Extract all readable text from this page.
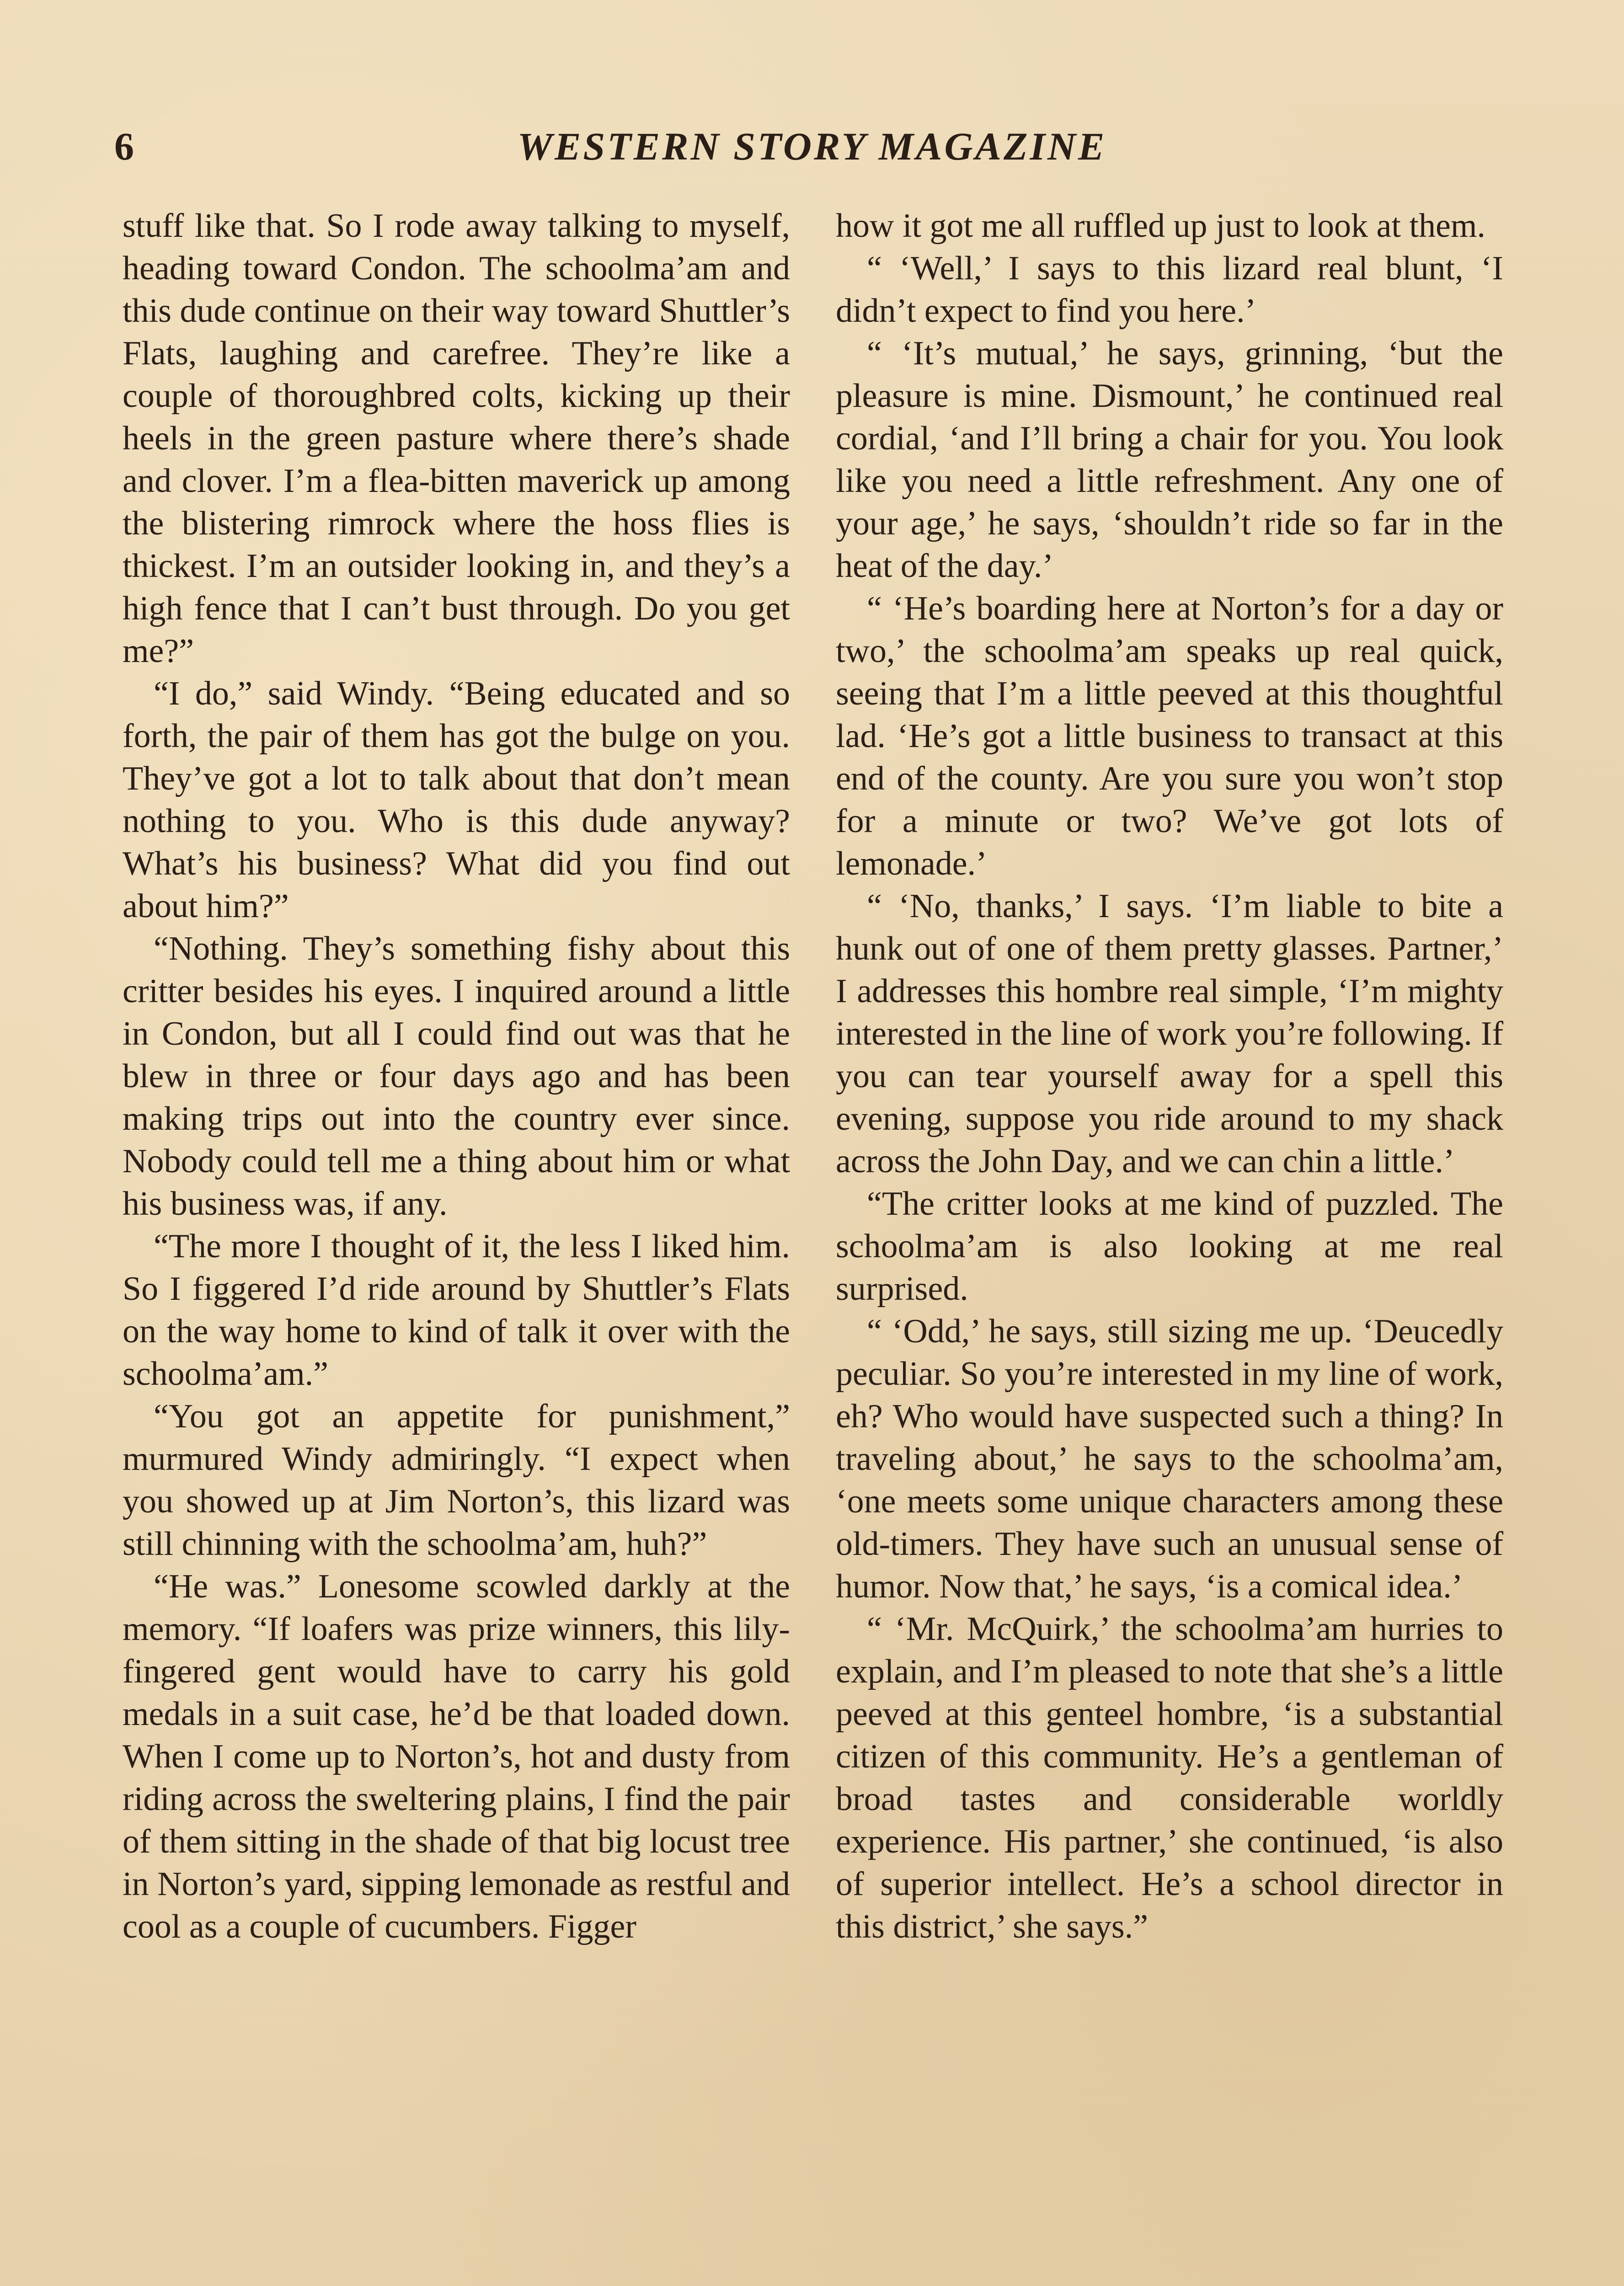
6	WESTERN STORY MAGAZINE

stuff like that. So I rode away talking to myself, heading toward Condon. The schoolma’am and this dude continue on their way toward Shuttler’s Flats, laughing and carefree. They’re like a couple of thoroughbred colts, kicking up their heels in the green pasture where there’s shade and clover. I’m a flea-bitten maverick up among the blistering rimrock where the hoss flies is thickest. I’m an outsider looking in, and they’s a high fence that I can’t bust through. Do you get me?”

“I do,” said Windy. “Being educated and so forth, the pair of them has got the bulge on you. They’ve got a lot to talk about that don’t mean nothing to you. Who is this dude anyway? What’s his business? What did you find out about him?”

“Nothing. They’s something fishy about this critter besides his eyes. I inquired around a little in Condon, but all I could find out was that he blew in three or four days ago and has been making trips out into the country ever since. Nobody could tell me a thing about him or what his business was, if any.

“The more I thought of it, the less I liked him. So I figgered I’d ride around by Shuttler’s Flats on the way home to kind of talk it over with the schoolma’am.”

“You got an appetite for punishment,” murmured Windy admiringly. “I expect when you showed up at Jim Norton’s, this lizard was still chinning with the schoolma’am, huh?”

“He was.” Lonesome scowled darkly at the memory. “If loafers was prize winners, this lily-fingered gent would have to carry his gold medals in a suit case, he’d be that loaded down. When I come up to Norton’s, hot and dusty from riding across the sweltering plains, I find the pair of them sitting in the shade of that big locust tree in Norton’s yard, sipping lemonade as restful and cool as a couple of cucumbers. Figger

how it got me all ruffled up just to look at them.

“ ‘Well,’ I says to this lizard real blunt, ‘I didn’t expect to find you here.’

“ ‘It’s mutual,’ he says, grinning, ‘but the pleasure is mine. Dismount,’ he continued real cordial, ‘and I’ll bring a chair for you. You look like you need a little refreshment. Any one of your age,’ he says, ‘shouldn’t ride so far in the heat of the day.’

“ ‘He’s boarding here at Norton’s for a day or two,’ the schoolma’am speaks up real quick, seeing that I’m a little peeved at this thoughtful lad. ‘He’s got a little business to transact at this end of the county. Are you sure you won’t stop for a minute or two? We’ve got lots of lemonade.’

“ ‘No, thanks,’ I says. ‘I’m liable to bite a hunk out of one of them pretty glasses. Partner,’ I addresses this hombre real simple, ‘I’m mighty interested in the line of work you’re following. If you can tear yourself away for a spell this evening, suppose you ride around to my shack across the John Day, and we can chin a little.’

“The critter looks at me kind of puzzled. The schoolma’am is also looking at me real surprised.

“ ‘Odd,’ he says, still sizing me up. ‘Deucedly peculiar. So you’re interested in my line of work, eh? Who would have suspected such a thing? In traveling about,’ he says to the schoolma’am, ‘one meets some unique characters among these old-timers. They have such an unusual sense of humor. Now that,’ he says, ‘is a comical idea.’

“ ‘Mr. McQuirk,’ the schoolma’am hurries to explain, and I’m pleased to note that she’s a little peeved at this genteel hombre, ‘is a substantial citizen of this community. He’s a gentleman of broad tastes and considerable worldly experience. His partner,’ she continued, ‘is also of superior intellect. He’s a school director in this district,’ she says.”
